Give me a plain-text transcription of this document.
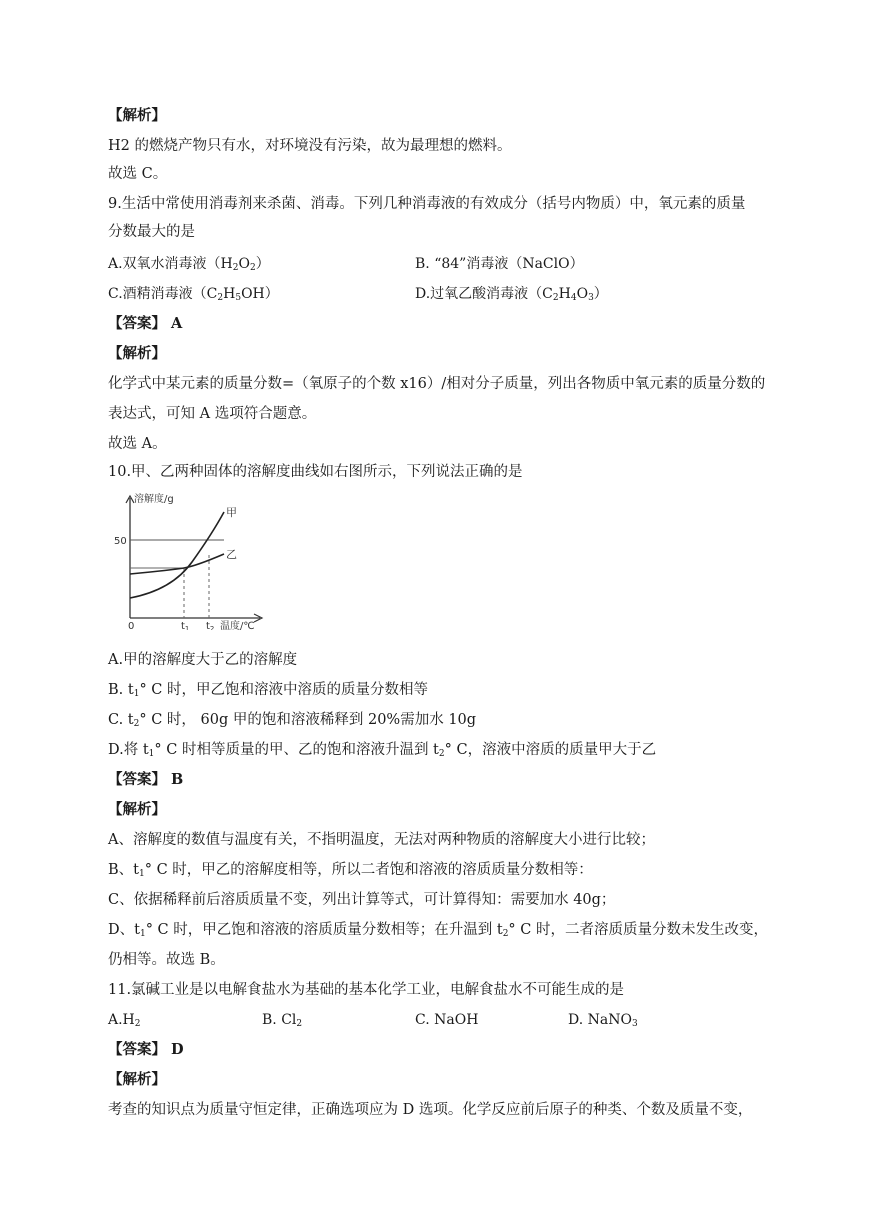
【解析】
H2 的燃烧产物只有水，对环境没有污染，故为最理想的燃料。
故选 C。
9.生活中常使用消毒剂来杀菌、消毒。下列几种消毒液的有效成分（括号内物质）中，氧元素的质量
分数最大的是
A.双氧水消毒液$(H_2O_2)$	B. “84”消毒液（NaClO）
C.酒精消毒液$(C_2H_5OH)$	D.过氧乙酸消毒液$(C_2H_4O_3)$
【答案】 A
【解析】
化学式中某元素的质量分数=（氧原子的个数 x16）/相对分子质量，列出各物质中氧元素的质量分数的
表达式，可知 A 选项符合题意。
故选 A。
10.甲、乙两种固体的溶解度曲线如右图所示，下列说法正确的是
溶解度/g
50
0	$t_1$ $t_2$ 温度/℃
甲
乙
A.甲的溶解度大于乙的溶解度
B. $t_1^\circ$ C 时，甲乙饱和溶液中溶质的质量分数相等
C. $t_2^\circ$ C 时， 60g 甲的饱和溶液稀释到 20%需加水 10g
D.将 $t_1^\circ$ C 时相等质量的甲、乙的饱和溶液升温到 $t_2^\circ$ C，溶液中溶质的质量甲大于乙
【答案】 B
【解析】
A、溶解度的数值与温度有关，不指明温度，无法对两种物质的溶解度大小进行比较；
B、$t_1^\circ$ C 时，甲乙的溶解度相等，所以二者饱和溶液的溶质质量分数相等：
C、依据稀释前后溶质质量不变，列出计算等式，可计算得知：需要加水 40g；
D、$t_1^\circ$ C 时，甲乙饱和溶液的溶质质量分数相等；在升温到 $t_2^\circ$ C 时，二者溶质质量分数未发生改变，
仍相等。故选 B。
11.氯碱工业是以电解食盐水为基础的基本化学工业，电解食盐水不可能生成的是
$A.H_2$	B. $Cl_2$	C. NaOH	D. NaNO$_3$
【答案】 D
【解析】
考查的知识点为质量守恒定律，正确选项应为 D 选项。化学反应前后原子的种类、个数及质量不变，
